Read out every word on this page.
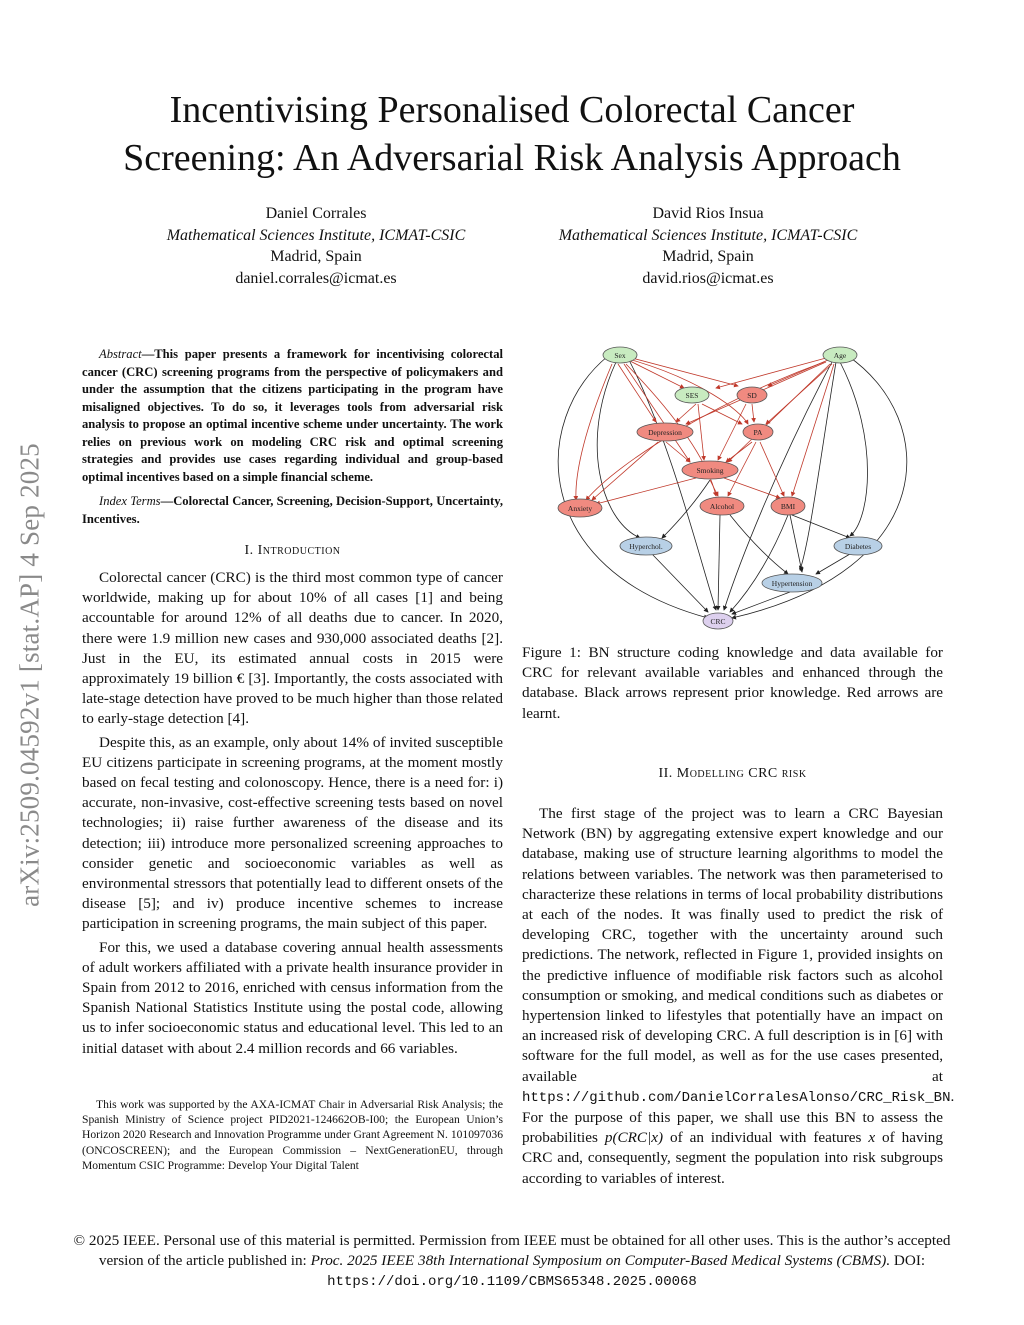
Incentivising Personalised Colorectal Cancer
Screening: An Adversarial Risk Analysis Approach
Daniel Corrales
Mathematical Sciences Institute, ICMAT-CSIC
Madrid, Spain
daniel.corrales@icmat.es
David Rios Insua
Mathematical Sciences Institute, ICMAT-CSIC
Madrid, Spain
david.rios@icmat.es
arXiv:2509.04592v1 [stat.AP] 4 Sep 2025
Abstract—This paper presents a framework for incentivising colorectal cancer (CRC) screening programs from the perspective of policymakers and under the assumption that the citizens participating in the program have misaligned objectives. To do so, it leverages tools from adversarial risk analysis to propose an optimal incentive scheme under uncertainty. The work relies on previous work on modeling CRC risk and optimal screening strategies and provides use cases regarding individual and group-based optimal incentives based on a simple financial scheme.
Index Terms—Colorectal Cancer, Screening, Decision-Support, Uncertainty, Incentives.
I. Introduction

Colorectal cancer (CRC) is the third most common type of cancer worldwide, making up for about 10% of all cases [1] and being accountable for around 12% of all deaths due to cancer. In 2020, there were 1.9 million new cases and 930,000 associated deaths [2]. Just in the EU, its estimated annual costs in 2015 were approximately 19 billion € [3]. Importantly, the costs associated with late-stage detection have proved to be much higher than those related to early-stage detection [4].

Despite this, as an example, only about 14% of invited susceptible EU citizens participate in screening programs, at the moment mostly based on fecal testing and colonoscopy. Hence, there is a need for: i) accurate, non-invasive, cost-effective screening tests based on novel technologies; ii) raise further awareness of the disease and its detection; iii) introduce more personalized screening approaches to consider genetic and socioeconomic variables as well as environmental stressors that potentially lead to different onsets of the disease [5]; and iv) produce incentive schemes to increase participation in screening programs, the main subject of this paper.

For this, we used a database covering annual health assessments of adult workers affiliated with a private health insurance provider in Spain from 2012 to 2016, enriched with census information from the Spanish National Statistics Institute using the postal code, allowing us to infer socioeconomic status and educational level. This led to an initial dataset with about 2.4 million records and 66 variables.

This work was supported by the AXA-ICMAT Chair in Adversarial Risk Analysis; the Spanish Ministry of Science project PID2021-124662OB-I00; the European Union’s Horizon 2020 Research and Innovation Programme under Grant Agreement N. 101097036 (ONCOSCREEN); and the European Commission – NextGenerationEU, through Momentum CSIC Programme: Develop Your Digital Talent

Sex	Age
SES	SD
Depression	PA
Smoking
Anxiety	Alcohol	BMI
Hyperchol.	Diabetes
Hypertension
CRC
Figure 1: BN structure coding knowledge and data available for CRC for relevant available variables and enhanced through the database. Black arrows represent prior knowledge. Red arrows are learnt.
II. Modelling CRC risk

The first stage of the project was to learn a CRC Bayesian Network (BN) by aggregating extensive expert knowledge and our database, making use of structure learning algorithms to model the relations between variables. The network was then parameterised to characterize these relations in terms of local probability distributions at each of the nodes. It was finally used to predict the risk of developing CRC, together with the uncertainty around such predictions. The network, reflected in Figure 1, provided insights on the predictive influence of modifiable risk factors such as alcohol consumption or smoking, and medical conditions such as diabetes or hypertension linked to lifestyles that potentially have an impact on an increased risk of developing CRC. A full description is in [6] with software for the full model, as well as for the use cases presented, available at https://github.com/DanielCorralesAlonso/CRC_Risk_BN. For the purpose of this paper, we shall use this BN to assess the probabilities p(CRC|x) of an individual with features x of having CRC and, consequently, segment the population into risk subgroups according to variables of interest.

© 2025 IEEE. Personal use of this material is permitted. Permission from IEEE must be obtained for all other uses. This is the author’s accepted version of the article published in: Proc. 2025 IEEE 38th International Symposium on Computer-Based Medical Systems (CBMS). DOI: https://doi.org/10.1109/CBMS65348.2025.00068
